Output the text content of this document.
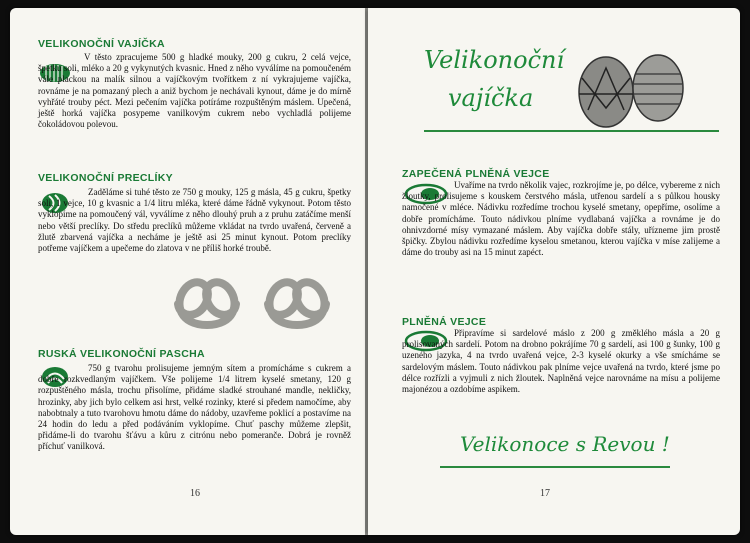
VELIKONOČNÍ VAJÍČKA
V těsto zpracujeme 500 g hladké mouky, 200 g cukru, 2 celá vejce, špetku soli, mléko a 20 g vykynutých kvasnic. Hned z něho vyválíme na pomoučeném vále plackou na malík silnou a vajíčkovým tvořítkem z ní vykrajujeme vajíčka, rovnáme je na pomazaný plech a aniž bychom je nechávali kynout, dáme je do mírně vyhřáté trouby péct. Mezi pečením vajíčka potíráme rozpuštěným máslem. Upečená, ještě horká vajíčka posypeme vanilkovým cukrem nebo vychladlá polijeme čokoládovou polevou.
VELIKONOČNÍ PRECLÍKY
Zaděláme si tuhé těsto ze 750 g mouky, 125 g másla, 45 g cukru, špetky soli, 1 vejce, 10 g kvasnic a 1/4 litru mléka, které dáme řádně vykynout. Potom těsto vyklopíme na pomoučený vál, vyválíme z něho dlouhý pruh a z pruhu zatáčíme menší nebo větší preclíky. Do středu preclíků můžeme vkládat na tvrdo uvařená, červeně a žlutě zbarvená vajíčka a necháme je ještě asi 25 minut kynout. Potom preclíky potřeme vajíčkem a upečeme do zlatova v ne příliš horké troubě.
RUSKÁ VELIKONOČNÍ PASCHA
750 g tvarohu prolisujeme jemným sítem a promícháme s cukrem a dobře rozkvedlaným vajíčkem. Vše polijeme 1/4 litrem kyselé smetany, 120 g rozpuštěného másla, trochu přisolíme, přidáme sladké strouhané mandle, nekličky, hrozinky, aby jich bylo celkem asi hrst, velké rozinky, které si předem namočíme, aby nabobtnaly a tuto tvarohovu hmotu dáme do nádoby, uzavřeme poklicí a postavíme na 24 hodin do ledu a před podáváním vyklopíme. Chuť paschy můžeme zlepšit, přidáme-li do tvarohu šťávu a kůru z citrónu nebo pomeranče. Dobrá je rovněž příchuť vanilková.
16
Velikonoční
vajíčka
ZAPEČENÁ PLNĚNÁ VEJCE
Uvaříme na tvrdo několik vajec, rozkrojíme je, po délce, vybereme z nich žloutky, prolisujeme s kouskem čerstvého másla, utřenou sardelí a s půlkou housky namočené v mléce. Nádivku rozředíme trochou kyselé smetany, opepříme, osolíme a dobře promícháme. Touto nádivkou plníme vydlabaná vajíčka a rovnáme je do ohnivzdorné mísy vymazané máslem. Aby vajíčka dobře stály, uřízneme jim prostě špičky. Zbylou nádivku rozředíme kyselou smetanou, kterou vajíčka v míse zalijeme a dáme do trouby asi na 15 minut zapéct.
PLNĚNÁ VEJCE
Připravíme si sardelové máslo z 200 g změklého másla a 20 g prolisovaných sardelí. Potom na drobno pokrájíme 70 g sardelí, asi 100 g šunky, 100 g uzeného jazyka, 4 na tvrdo uvařená vejce, 2-3 kyselé okurky a vše smícháme se sardelovým máslem. Touto nádivkou pak plníme vejce uvařená na tvrdo, které jsme po délce rozřízli a vyjmuli z nich žloutek. Naplněná vejce narovnáme na mísu a polijeme majonézou a ozdobíme aspikem.
Velikonoce s Revou !
17
